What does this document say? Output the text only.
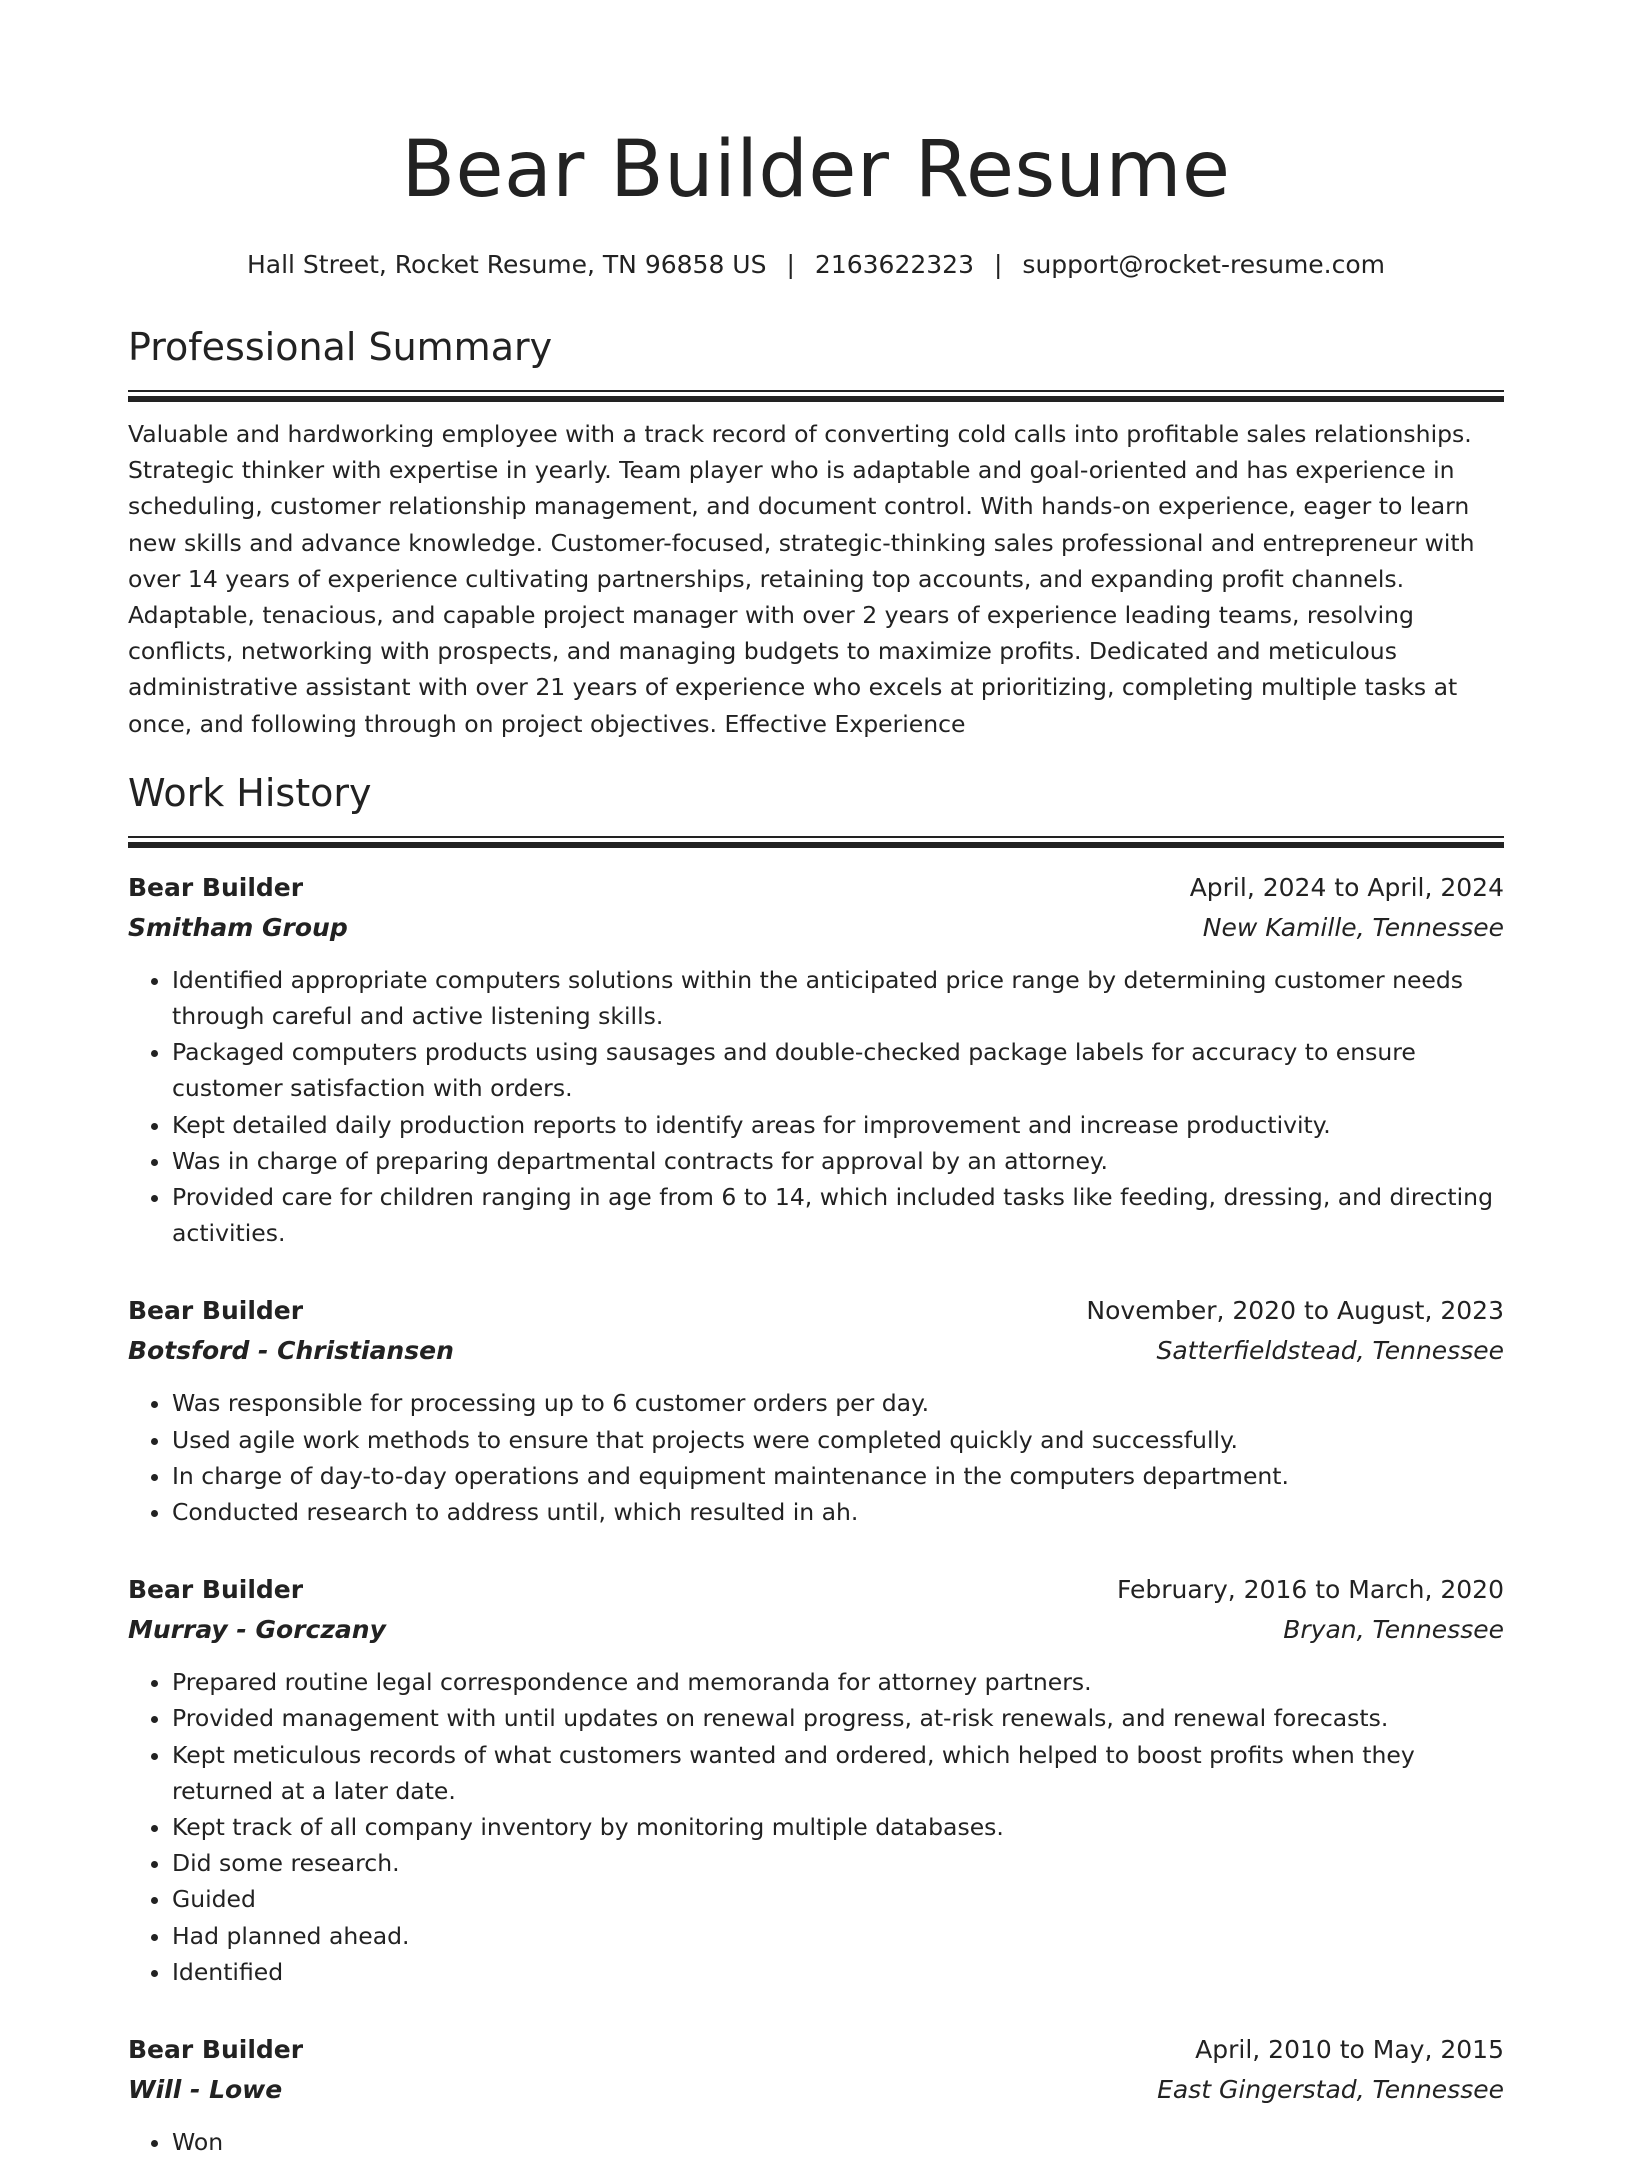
Bear Builder Resume
Hall Street, Rocket Resume, TN 96858 US | 2163622323 | support@rocket-resume.com
Professional Summary

Valuable and hardworking employee with a track record of converting cold calls into profitable sales relationships. Strategic thinker with expertise in yearly. Team player who is adaptable and goal-oriented and has experience in scheduling, customer relationship management, and document control. With hands-on experience, eager to learn new skills and advance knowledge. Customer-focused, strategic-thinking sales professional and entrepreneur with over 14 years of experience cultivating partnerships, retaining top accounts, and expanding profit channels. Adaptable, tenacious, and capable project manager with over 2 years of experience leading teams, resolving conflicts, networking with prospects, and managing budgets to maximize profits. Dedicated and meticulous administrative assistant with over 21 years of experience who excels at prioritizing, completing multiple tasks at once, and following through on project objectives. Effective Experience

Work History
Bear Builder	April, 2024 to April, 2024
Smitham Group	New Kamille, Tennessee
• Identified appropriate computers solutions within the anticipated price range by determining customer needs through careful and active listening skills.
• Packaged computers products using sausages and double-checked package labels for accuracy to ensure customer satisfaction with orders.
• Kept detailed daily production reports to identify areas for improvement and increase productivity.
• Was in charge of preparing departmental contracts for approval by an attorney.
• Provided care for children ranging in age from 6 to 14, which included tasks like feeding, dressing, and directing activities.
Bear Builder	November, 2020 to August, 2023
Botsford - Christiansen	Satterfieldstead, Tennessee
• Was responsible for processing up to 6 customer orders per day.
• Used agile work methods to ensure that projects were completed quickly and successfully.
• In charge of day-to-day operations and equipment maintenance in the computers department.
• Conducted research to address until, which resulted in ah.
Bear Builder	February, 2016 to March, 2020
Murray - Gorczany	Bryan, Tennessee
• Prepared routine legal correspondence and memoranda for attorney partners.
• Provided management with until updates on renewal progress, at-risk renewals, and renewal forecasts.
• Kept meticulous records of what customers wanted and ordered, which helped to boost profits when they returned at a later date.
• Kept track of all company inventory by monitoring multiple databases.
• Did some research.
• Guided
• Had planned ahead.
• Identified
Bear Builder	April, 2010 to May, 2015
Will - Lowe	East Gingerstad, Tennessee
• Won
